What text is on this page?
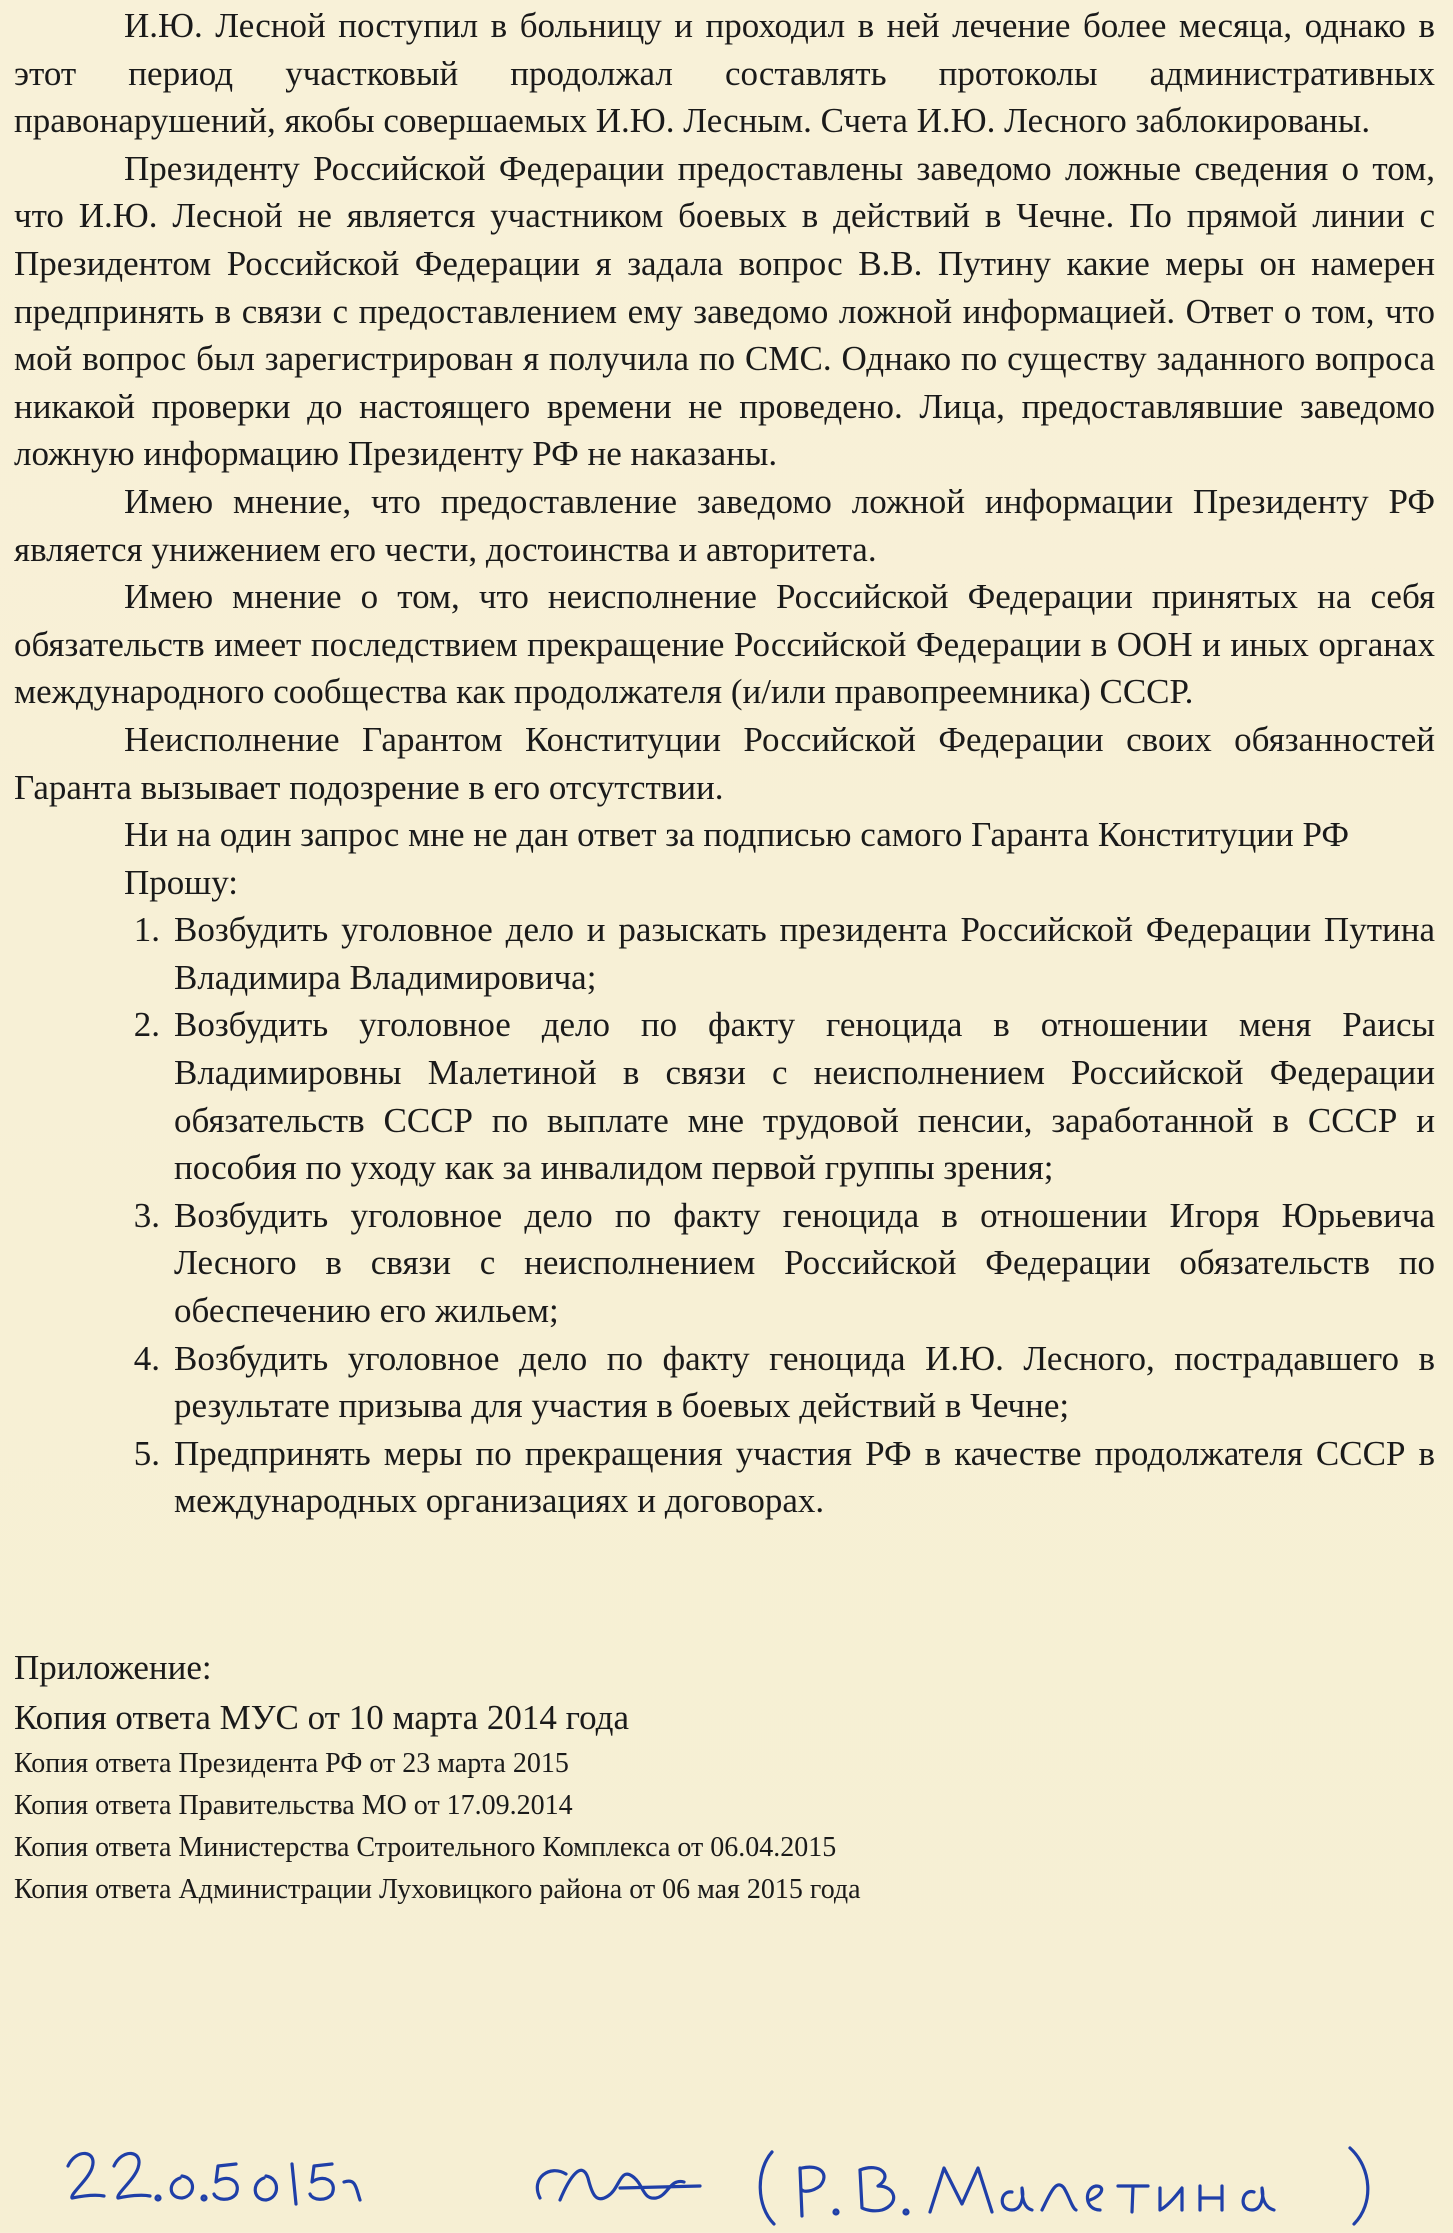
И.Ю. Лесной поступил в больницу и проходил в ней лечение более месяца, однако в этот период участковый продолжал составлять протоколы административных правонарушений, якобы совершаемых И.Ю. Лесным. Счета И.Ю. Лесного заблокированы.

Президенту Российской Федерации предоставлены заведомо ложные сведения о том, что И.Ю. Лесной не является участником боевых в действий в Чечне. По прямой линии с Президентом Российской Федерации я задала вопрос В.В. Путину какие меры он намерен предпринять в связи с предоставлением ему заведомо ложной информацией. Ответ о том, что мой вопрос был зарегистрирован я получила по СМС. Однако по существу заданного вопроса никакой проверки до настоящего времени не проведено. Лица, предоставлявшие заведомо ложную информацию Президенту РФ не наказаны.

Имею мнение, что предоставление заведомо ложной информации Президенту РФ является унижением его чести, достоинства и авторитета.

Имею мнение о том, что неисполнение Российской Федерации принятых на себя обязательств имеет последствием прекращение Российской Федерации в ООН и иных органах международного сообщества как продолжателя (и/или правопреемника) СССР.

Неисполнение Гарантом Конституции Российской Федерации своих обязанностей Гаранта вызывает подозрение в его отсутствии.

Ни на один запрос мне не дан ответ за подписью самого Гаранта Конституции РФ

Прошу:

1. Возбудить уголовное дело и разыскать президента Российской Федерации Путина Владимира Владимировича;
2. Возбудить уголовное дело по факту геноцида в отношении меня Раисы Владимировны Малетиной в связи с неисполнением Российской Федерации обязательств СССР по выплате мне трудовой пенсии, заработанной в СССР и пособия по уходу как за инвалидом первой группы зрения;
3. Возбудить уголовное дело по факту геноцида в отношении Игоря Юрьевича Лесного в связи с неисполнением Российской Федерации обязательств по обеспечению его жильем;
4. Возбудить уголовное дело по факту геноцида И.Ю. Лесного, пострадавшего в результате призыва для участия в боевых действий в Чечне;
5. Предпринять меры по прекращения участия РФ в качестве продолжателя СССР в международных организациях и договорах.

Приложение:

Копия ответа МУС от 10 марта 2014 года

Копия ответа Президента РФ от 23 марта 2015

Копия ответа Правительства МО от 17.09.2014

Копия ответа Министерства Строительного Комплекса от 06.04.2015

Копия ответа Администрации Луховицкого района от 06 мая 2015 года
